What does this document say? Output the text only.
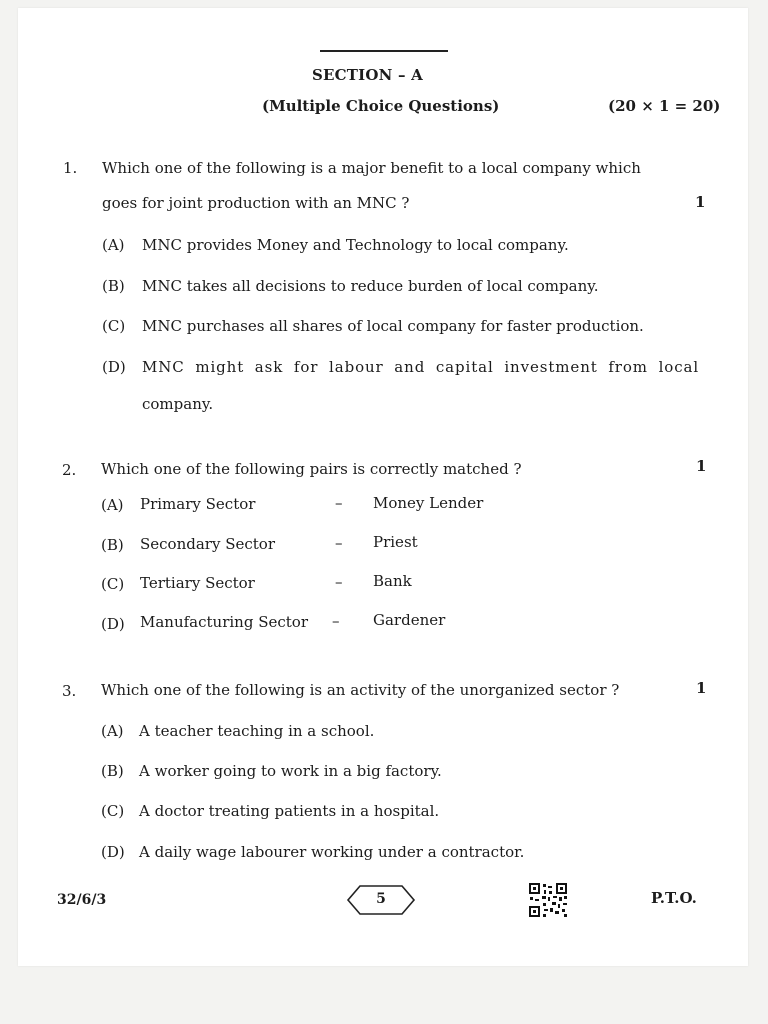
SECTION – A
(Multiple Choice Questions)	(20 × 1 = 20)
1. Which one of the following is a major benefit to a local company which
goes for joint production with an MNC ?	1
(A) MNC provides Money and Technology to local company.
(B) MNC takes all decisions to reduce burden of local company.
(C) MNC purchases all shares of local company for faster production.
(D) MNC might ask for labour and capital investment from local
company.
2. Which one of the following pairs is correctly matched ?	1
(A) Primary Sector	– Money Lender
(B) Secondary Sector	– Priest
(C) Tertiary Sector	– Bank
(D) Manufacturing Sector – Gardener
3. Which one of the following is an activity of the unorganized sector ?	1
(A) A teacher teaching in a school.
(B) A worker going to work in a big factory.
(C) A doctor treating patients in a hospital.
(D) A daily wage labourer working under a contractor.
32/6/3	5	P.T.O.
